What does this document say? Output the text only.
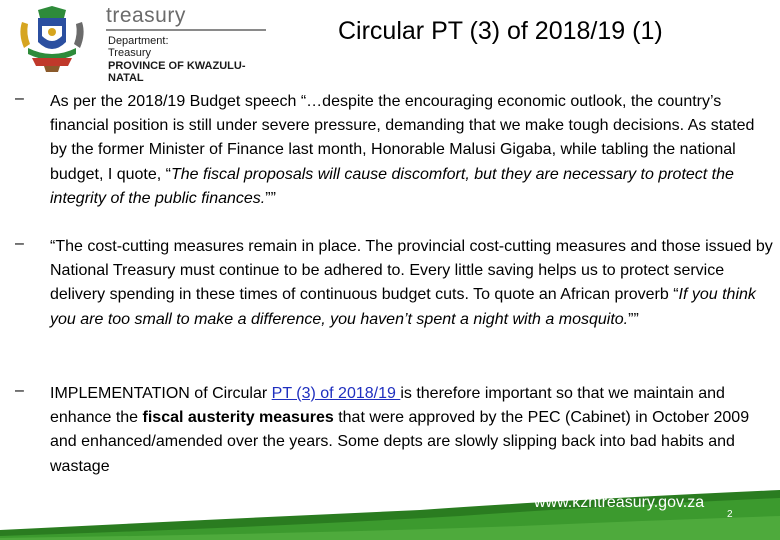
treasury
Department:
Treasury
PROVINCE OF KWAZULU-NATAL
Circular PT (3) of 2018/19 (1)
– As per the 2018/19 Budget speech “…despite the encouraging economic outlook, the country’s financial position is still under severe pressure, demanding that we make tough decisions. As stated by the former Minister of Finance last month, Honorable Malusi Gigaba, while tabling the national budget, I quote, “The fiscal proposals will cause discomfort, but they are necessary to protect the integrity of the public finances.””
– “The cost-cutting measures remain in place. The provincial cost-cutting measures and those issued by National Treasury must continue to be adhered to. Every little saving helps us to protect service delivery spending in these times of continuous budget cuts. To quote an African proverb “If you think you are too small to make a difference, you haven’t spent a night with a mosquito.””
– IMPLEMENTATION of Circular PT (3) of 2018/19 is therefore important so that we maintain and enhance the fiscal austerity measures that were approved by the PEC (Cabinet) in October 2009 and enhanced/amended over the years. Some depts are slowly slipping back into bad habits and wastage
www.kzntreasury.gov.za
2
